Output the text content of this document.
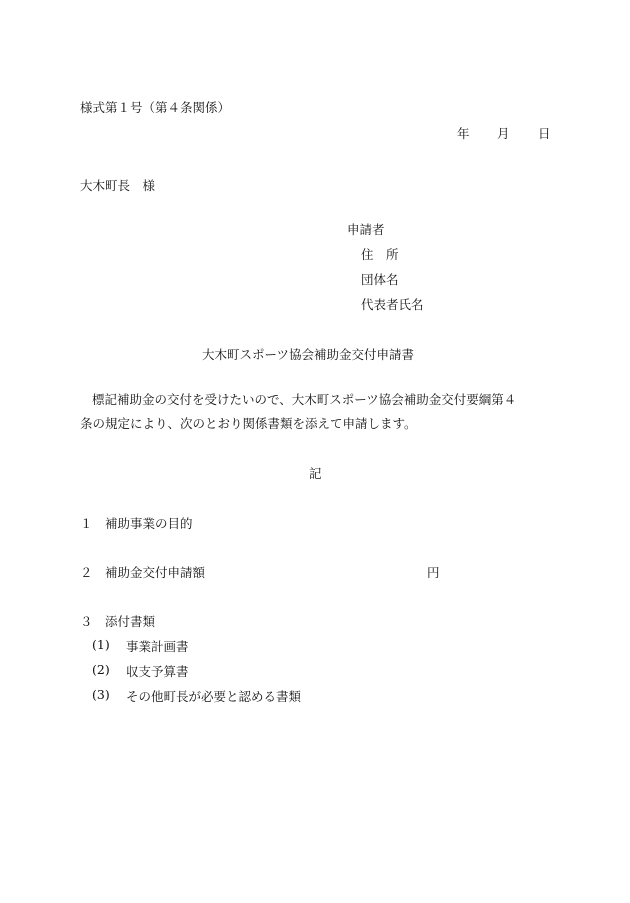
様式第１号（第４条関係）
年 月 日
大木町長　様
申請者
住　所
団体名
代表者氏名
大木町スポーツ協会補助金交付申請書
標記補助金の交付を受けたいので、大木町スポーツ協会補助金交付要綱第４
条の規定により、次のとおり関係書類を添えて申請します。
記
１ 補助事業の目的
２ 補助金交付申請額	円
３ 添付書類
(1) 事業計画書
(2) 収支予算書
(3) その他町長が必要と認める書類
